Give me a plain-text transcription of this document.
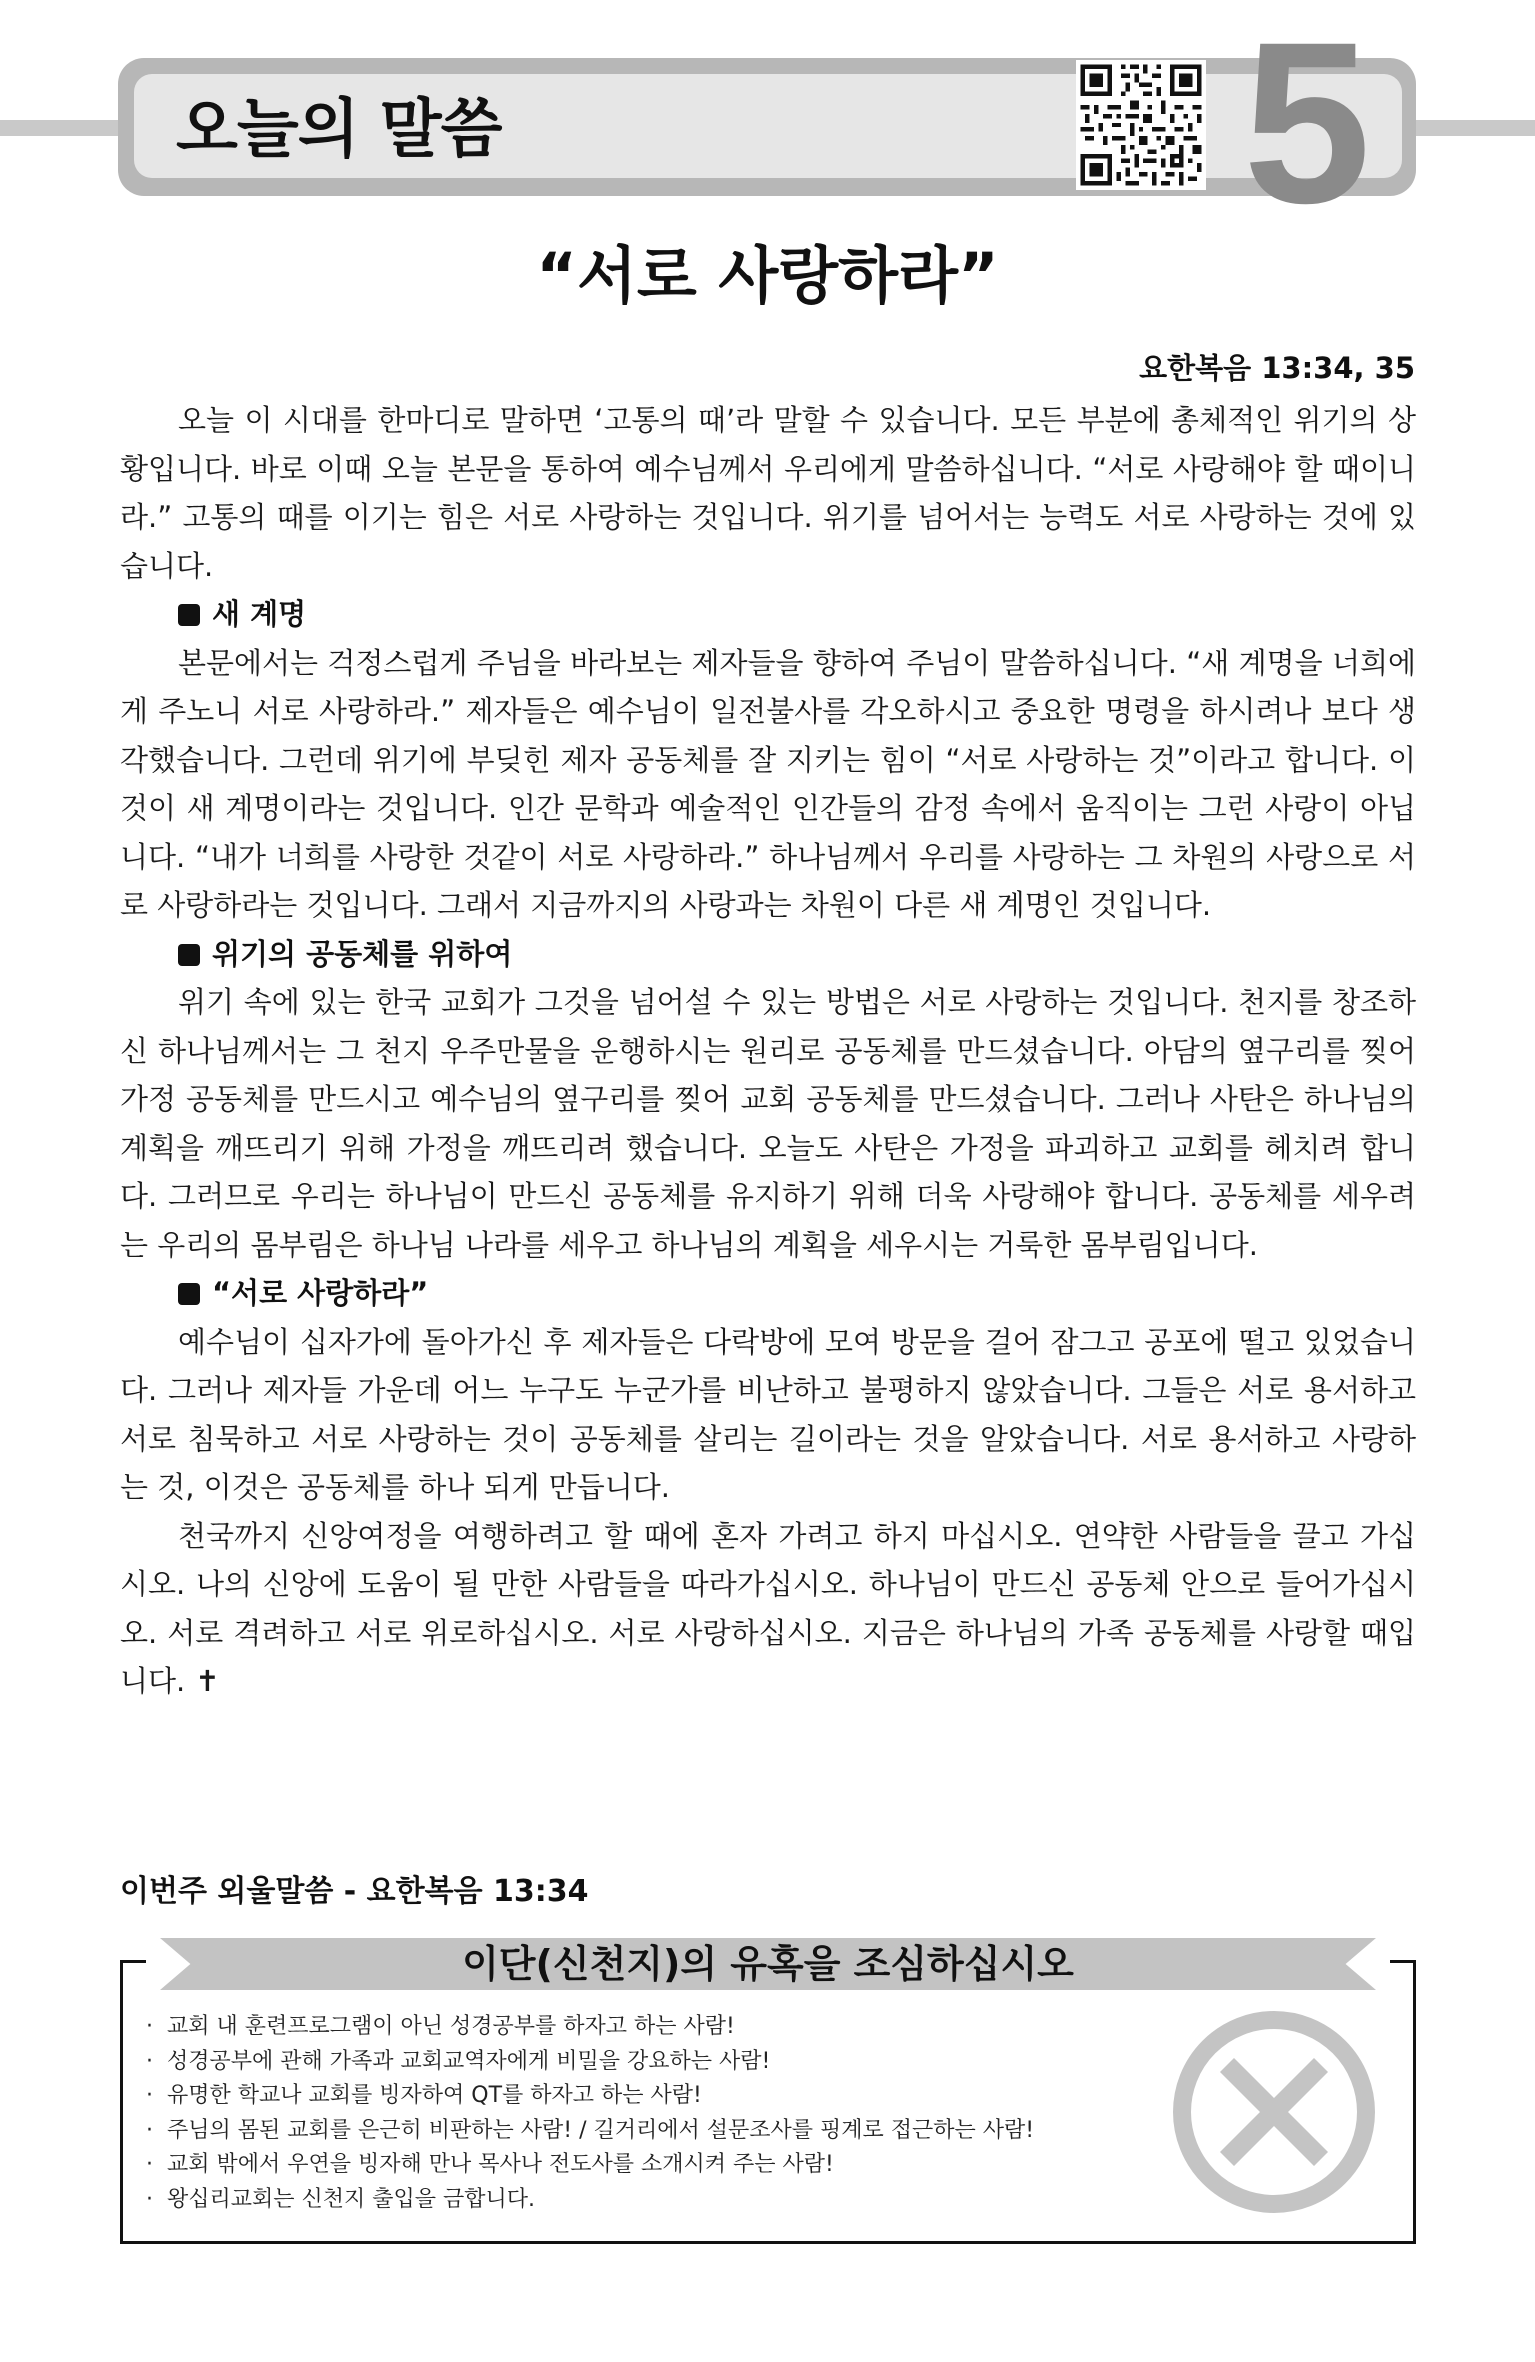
오늘의 말씀	5
“서로 사랑하라”
요한복음 13:34, 35

오늘 이 시대를 한마디로 말하면 ‘고통의 때’라 말할 수 있습니다. 모든 부분에 총체적인 위기의 상황입니다. 바로 이때 오늘 본문을 통하여 예수님께서 우리에게 말씀하십니다. “서로 사랑해야 할 때이니라.” 고통의 때를 이기는 힘은 서로 사랑하는 것입니다. 위기를 넘어서는 능력도 서로 사랑하는 것에 있습니다.

새 계명

본문에서는 걱정스럽게 주님을 바라보는 제자들을 향하여 주님이 말씀하십니다. “새 계명을 너희에게 주노니 서로 사랑하라.” 제자들은 예수님이 일전불사를 각오하시고 중요한 명령을 하시려나 보다 생각했습니다. 그런데 위기에 부딪힌 제자 공동체를 잘 지키는 힘이 “서로 사랑하는 것”이라고 합니다. 이것이 새 계명이라는 것입니다. 인간 문학과 예술적인 인간들의 감정 속에서 움직이는 그런 사랑이 아닙니다. “내가 너희를 사랑한 것같이 서로 사랑하라.” 하나님께서 우리를 사랑하는 그 차원의 사랑으로 서로 사랑하라는 것입니다. 그래서 지금까지의 사랑과는 차원이 다른 새 계명인 것입니다.

위기의 공동체를 위하여

위기 속에 있는 한국 교회가 그것을 넘어설 수 있는 방법은 서로 사랑하는 것입니다. 천지를 창조하신 하나님께서는 그 천지 우주만물을 운행하시는 원리로 공동체를 만드셨습니다. 아담의 옆구리를 찢어 가정 공동체를 만드시고 예수님의 옆구리를 찢어 교회 공동체를 만드셨습니다. 그러나 사탄은 하나님의 계획을 깨뜨리기 위해 가정을 깨뜨리려 했습니다. 오늘도 사탄은 가정을 파괴하고 교회를 헤치려 합니다. 그러므로 우리는 하나님이 만드신 공동체를 유지하기 위해 더욱 사랑해야 합니다. 공동체를 세우려는 우리의 몸부림은 하나님 나라를 세우고 하나님의 계획을 세우시는 거룩한 몸부림입니다.

“서로 사랑하라”

예수님이 십자가에 돌아가신 후 제자들은 다락방에 모여 방문을 걸어 잠그고 공포에 떨고 있었습니다. 그러나 제자들 가운데 어느 누구도 누군가를 비난하고 불평하지 않았습니다. 그들은 서로 용서하고 서로 침묵하고 서로 사랑하는 것이 공동체를 살리는 길이라는 것을 알았습니다. 서로 용서하고 사랑하는 것, 이것은 공동체를 하나 되게 만듭니다.

천국까지 신앙여정을 여행하려고 할 때에 혼자 가려고 하지 마십시오. 연약한 사람들을 끌고 가십시오. 나의 신앙에 도움이 될 만한 사람들을 따라가십시오. 하나님이 만드신 공동체 안으로 들어가십시오. 서로 격려하고 서로 위로하십시오. 서로 사랑하십시오. 지금은 하나님의 가족 공동체를 사랑할 때입니다. ✝

이번주 외울말씀 - 요한복음 13:34
이단(신천지)의 유혹을 조심하십시오
· 교회 내 훈련프로그램이 아닌 성경공부를 하자고 하는 사람!
· 성경공부에 관해 가족과 교회교역자에게 비밀을 강요하는 사람!
· 유명한 학교나 교회를 빙자하여 QT를 하자고 하는 사람!
· 주님의 몸된 교회를 은근히 비판하는 사람! / 길거리에서 설문조사를 핑계로 접근하는 사람!
· 교회 밖에서 우연을 빙자해 만나 목사나 전도사를 소개시켜 주는 사람!
· 왕십리교회는 신천지 출입을 금합니다.
